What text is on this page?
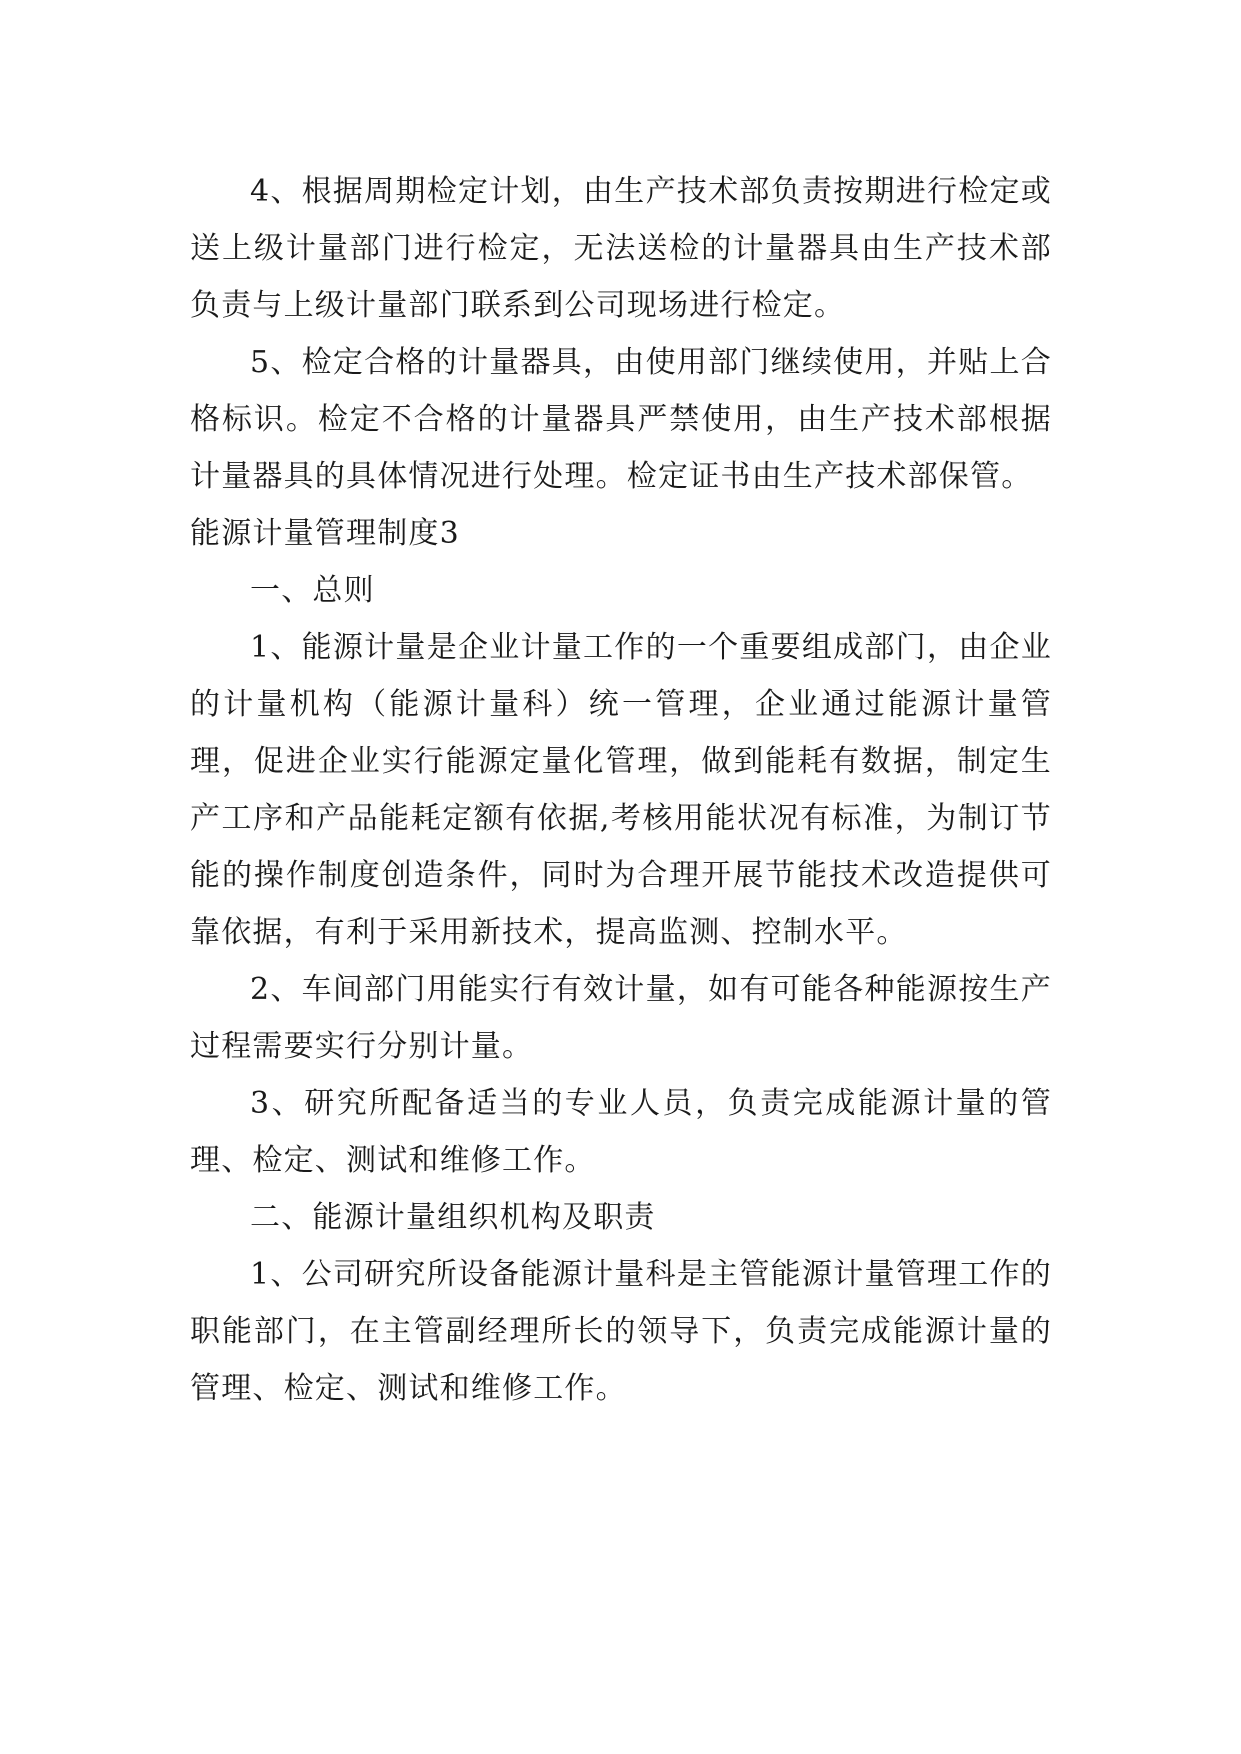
4、根据周期检定计划，由生产技术部负责按期进行检定或送上级计量部门进行检定，无法送检的计量器具由生产技术部负责与上级计量部门联系到公司现场进行检定。

5、检定合格的计量器具，由使用部门继续使用，并贴上合格标识。检定不合格的计量器具严禁使用，由生产技术部根据计量器具的具体情况进行处理。检定证书由生产技术部保管。

能源计量管理制度3

一、总则

1、能源计量是企业计量工作的一个重要组成部门，由企业的计量机构（能源计量科）统一管理，企业通过能源计量管理，促进企业实行能源定量化管理，做到能耗有数据，制定生产工序和产品能耗定额有依据,考核用能状况有标准，为制订节能的操作制度创造条件，同时为合理开展节能技术改造提供可靠依据，有利于采用新技术，提高监测、控制水平。

2、车间部门用能实行有效计量，如有可能各种能源按生产过程需要实行分别计量。

3、研究所配备适当的专业人员，负责完成能源计量的管理、检定、测试和维修工作。

二、能源计量组织机构及职责

1、公司研究所设备能源计量科是主管能源计量管理工作的职能部门，在主管副经理所长的领导下，负责完成能源计量的管理、检定、测试和维修工作。
